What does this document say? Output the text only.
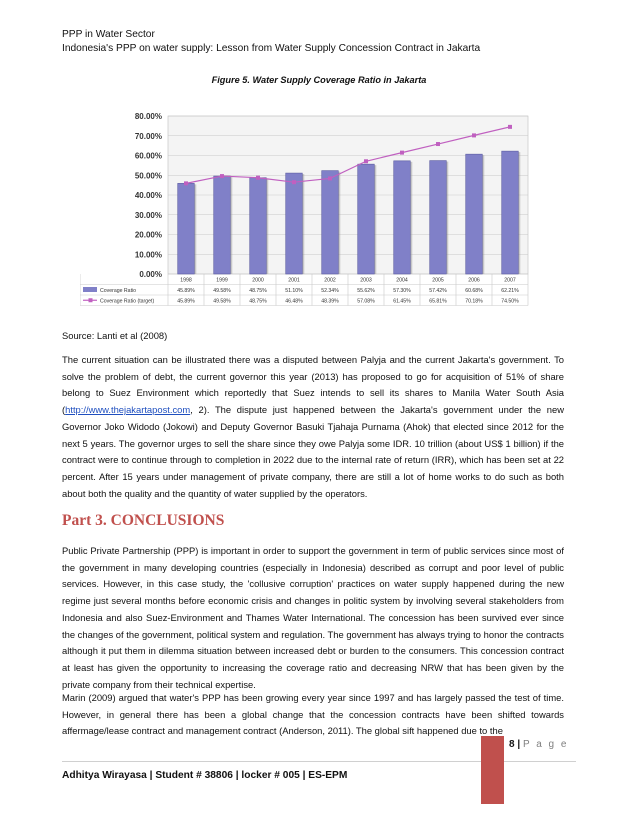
PPP in Water Sector
Indonesia's PPP on water supply: Lesson from Water Supply Concession Contract in Jakarta
Figure 5. Water Supply Coverage Ratio in Jakarta
0.00%
10.00%
20.00%
30.00%
40.00%
50.00%
60.00%
70.00%
80.00%
1998	1999	2000	2001	2002	2003	2004	2005	2006	2007
Coverage Ratio	45.89%	49.58%	48.75%	51.10%	52.34%	55.62%	57.30%	57.42%	60.68%	62.21%
Coverage Ratio (target)	45.89%	49.58%	48.75%	46.48%	48.39%	57.08%	61.45%	65.81%	70.18%	74.50%
Source: Lanti et al (2008)
The current situation can be illustrated there was a disputed between Palyja and the current Jakarta's government. To solve the problem of debt, the current governor this year (2013) has proposed to go for acquisition of 51% of share belong to Suez Environment which reportedly that Suez intends to sell its shares to Manila Water South Asia (http://www.thejakartapost.com, 2). The dispute just happened between the Jakarta's government under the new Governor Joko Widodo (Jokowi) and Deputy Governor Basuki Tjahaja Purnama (Ahok) that elected since 2012 for the next 5 years. The governor urges to sell the share since they owe Palyja some IDR. 10 trillion (about US$ 1 billion) if the contract were to continue through to completion in 2022 due to the internal rate of return (IRR), which has been set at 22 percent. After 15 years under management of private company, there are still a lot of home works to do such as both about both the quality and the quantity of water supplied by the operators.
Part 3. CONCLUSIONS
Public Private Partnership (PPP) is important in order to support the government in term of public services since most of the government in many developing countries (especially in Indonesia) described as corrupt and poor level of public services. However, in this case study, the 'collusive corruption' practices on water supply happened during the new regime just several months before economic crisis and changes in politic system by involving several stakeholders from Indonesia and also Suez-Environment and Thames Water International. The concession has been survived ever since the changes of the government, political system and regulation. The government has always trying to honor the contracts although it put them in dilemma situation between increased debt or burden to the consumers. This concession contract at least has given the opportunity to increasing the coverage ratio and decreasing NRW that has been given by the private company from their technical expertise.
Marin (2009) argued that water's PPP has been growing every year since 1997 and has largely passed the test of time. However, in general there has been a global change that the concession contracts have been shifted towards affermage/lease contract and management contract (Anderson, 2011). The global sift happened due to the
Adhitya Wirayasa | Student # 38806 | locker # 005 | ES-EPM
8 | P a g e
